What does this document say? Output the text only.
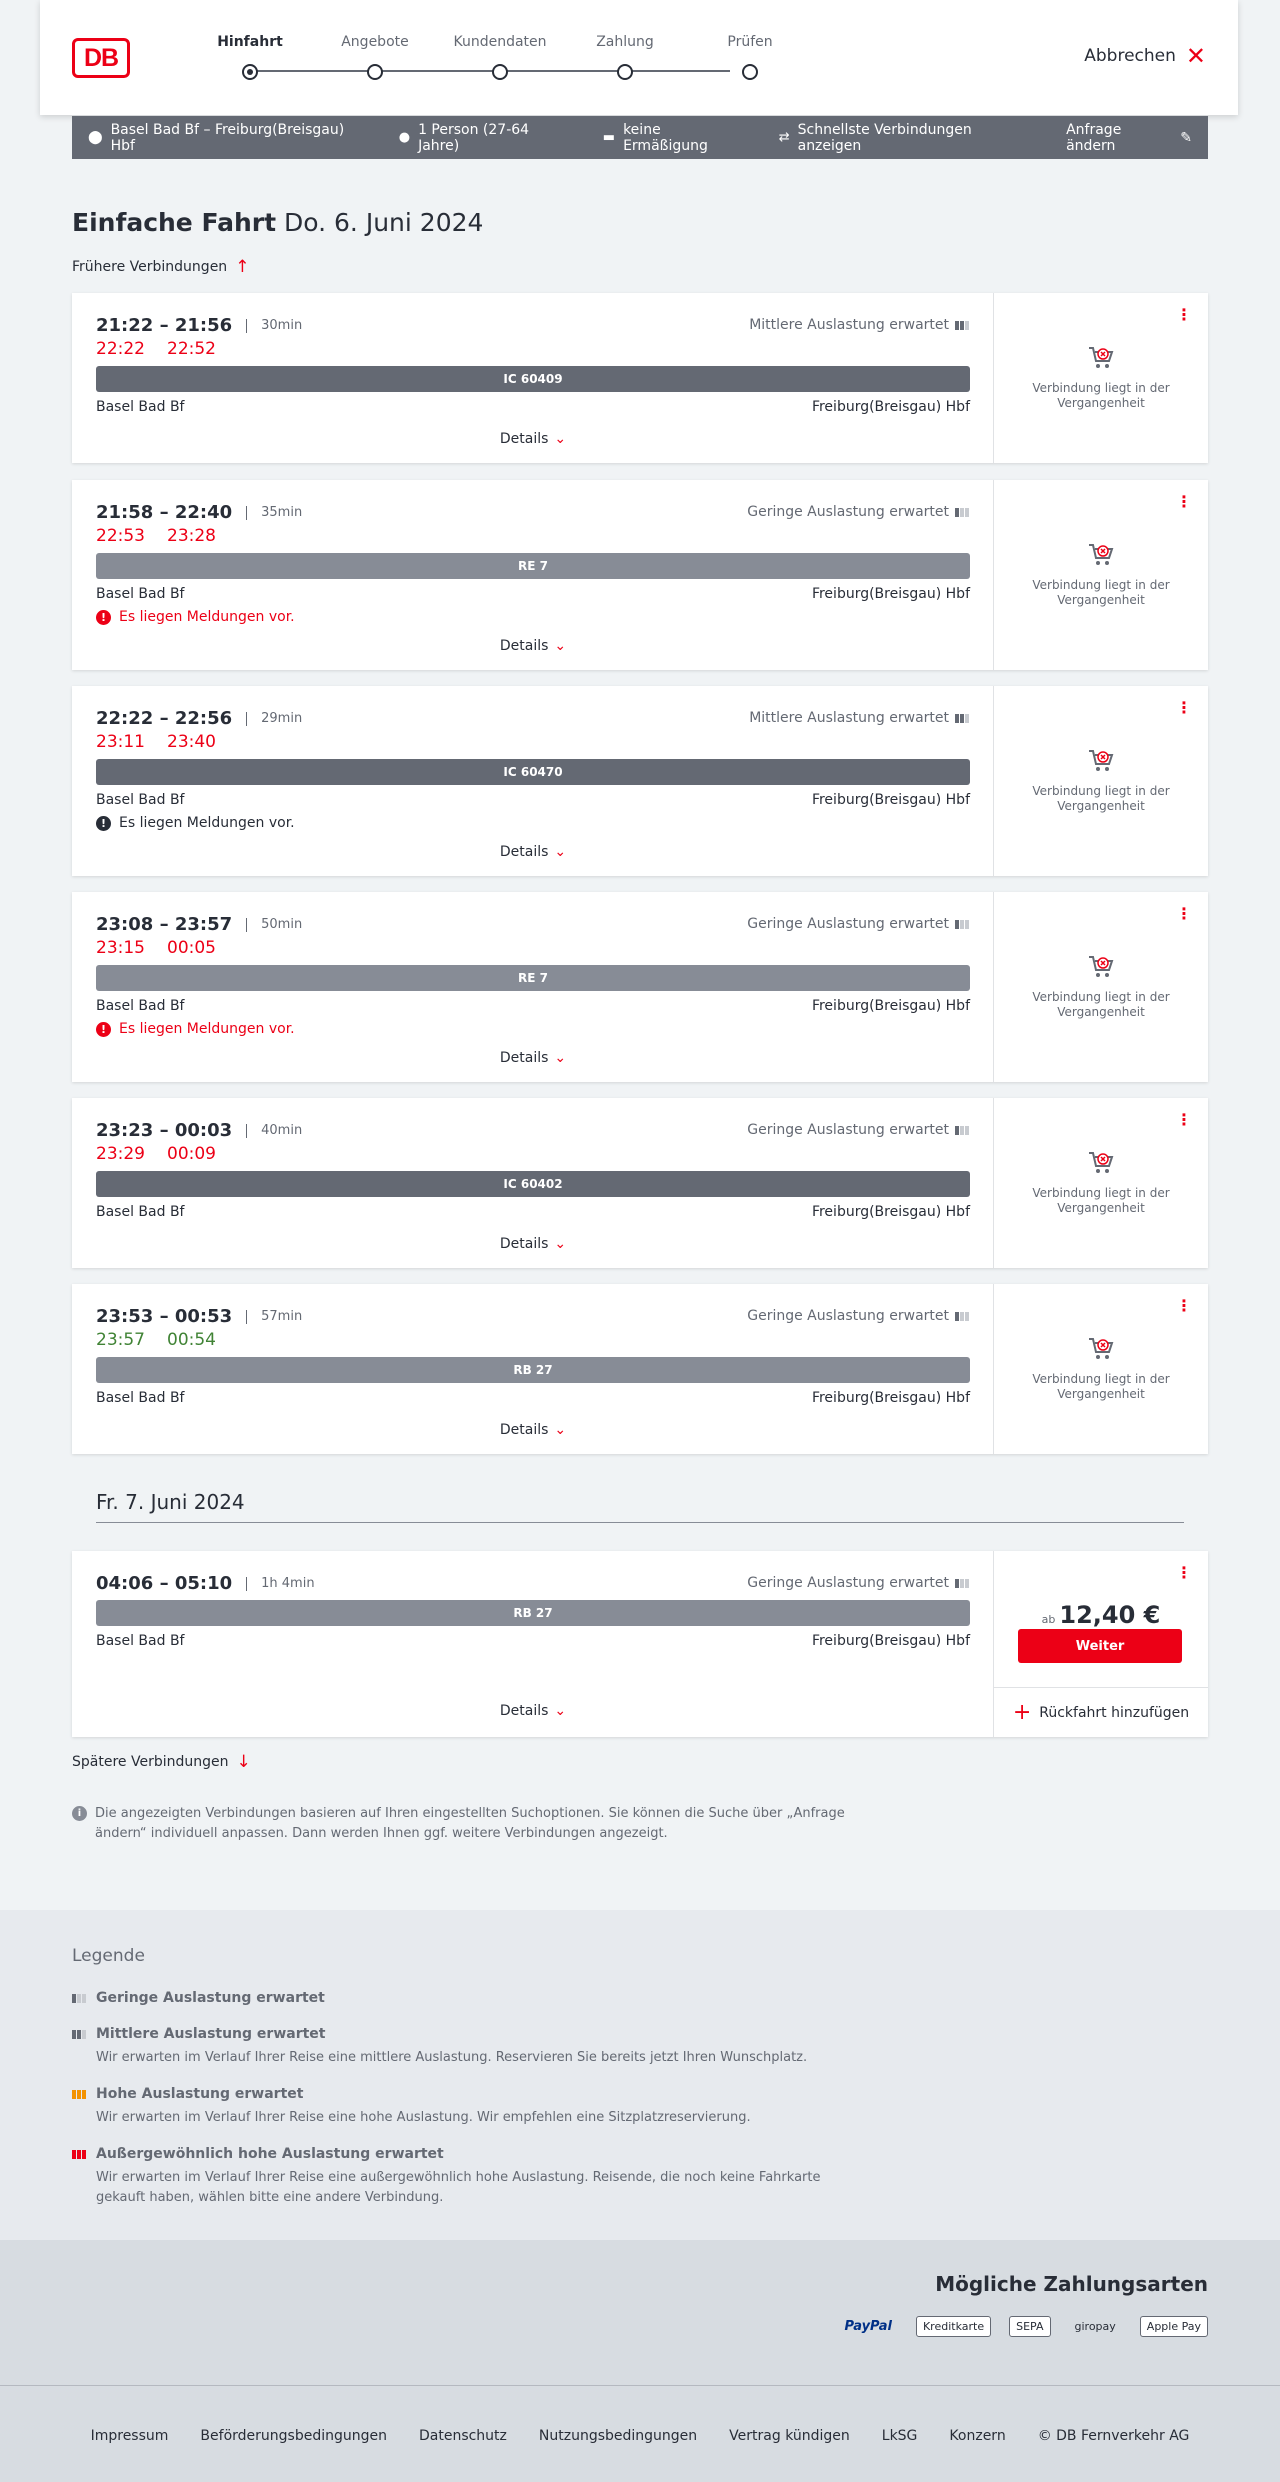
DB
Hinfahrt	Angebote	Kundendaten	Zahlung	Prüfen
Abbrechen ✕
⬤ Basel Bad Bf – Freiburg(Breisgau) Hbf	● 1 Person (27-64 Jahre)	▬ keine Ermäßigung	⇄ Schnellste Verbindungen anzeigen
Anfrage ändern	✎
Einfache Fahrt Do. 6. Juni 2024
Frühere Verbindungen ↑
21:22 – 21:56	30min
22:22 22:52
Mittlere Auslastung erwartet
IC 60409
Basel Bad Bf	Freiburg(Breisgau) Hbf
Details ⌄
⋮
Verbindung liegt in der Vergangenheit
21:58 – 22:40	35min
22:53 23:28
Geringe Auslastung erwartet
RE 7
Basel Bad Bf	Freiburg(Breisgau) Hbf
! Es liegen Meldungen vor.
Details ⌄
⋮
Verbindung liegt in der Vergangenheit
22:22 – 22:56	29min
23:11 23:40
Mittlere Auslastung erwartet
IC 60470
Basel Bad Bf	Freiburg(Breisgau) Hbf
! Es liegen Meldungen vor.
Details ⌄
⋮
Verbindung liegt in der Vergangenheit
23:08 – 23:57	50min
23:15 00:05
Geringe Auslastung erwartet
RE 7
Basel Bad Bf	Freiburg(Breisgau) Hbf
! Es liegen Meldungen vor.
Details ⌄
⋮
Verbindung liegt in der Vergangenheit
23:23 – 00:03	40min
23:29 00:09
Geringe Auslastung erwartet
IC 60402
Basel Bad Bf	Freiburg(Breisgau) Hbf
Details ⌄
⋮
Verbindung liegt in der Vergangenheit
23:53 – 00:53	57min
23:57 00:54
Geringe Auslastung erwartet
RB 27
Basel Bad Bf	Freiburg(Breisgau) Hbf
Details ⌄
⋮
Verbindung liegt in der Vergangenheit
Fr. 7. Juni 2024
04:06 – 05:10	1h 4min	Geringe Auslastung erwartet
RB 27
Basel Bad Bf	Freiburg(Breisgau) Hbf
Details ⌄
⋮
ab 12,40 €
Weiter
+ Rückfahrt hinzufügen
Spätere Verbindungen ↓
i	Die angezeigten Verbindungen basieren auf Ihren eingestellten Suchoptionen. Sie können die Suche über „Anfrage ändern“ individuell anpassen. Dann werden Ihnen ggf. weitere Verbindungen angezeigt.
Legende
Geringe Auslastung erwartet
Mittlere Auslastung erwartet
Wir erwarten im Verlauf Ihrer Reise eine mittlere Auslastung. Reservieren Sie bereits jetzt Ihren Wunschplatz.
Hohe Auslastung erwartet
Wir erwarten im Verlauf Ihrer Reise eine hohe Auslastung. Wir empfehlen eine Sitzplatzreservierung.
Außergewöhnlich hohe Auslastung erwartet
Wir erwarten im Verlauf Ihrer Reise eine außergewöhnlich hohe Auslastung. Reisende, die noch keine Fahrkarte gekauft haben, wählen bitte eine andere Verbindung.
Mögliche Zahlungsarten
PayPal	Kreditkarte	SEPA	giropay	Apple Pay
Impressum Beförderungsbedingungen Datenschutz Nutzungsbedingungen Vertrag kündigen LkSG Konzern © DB Fernverkehr AG
